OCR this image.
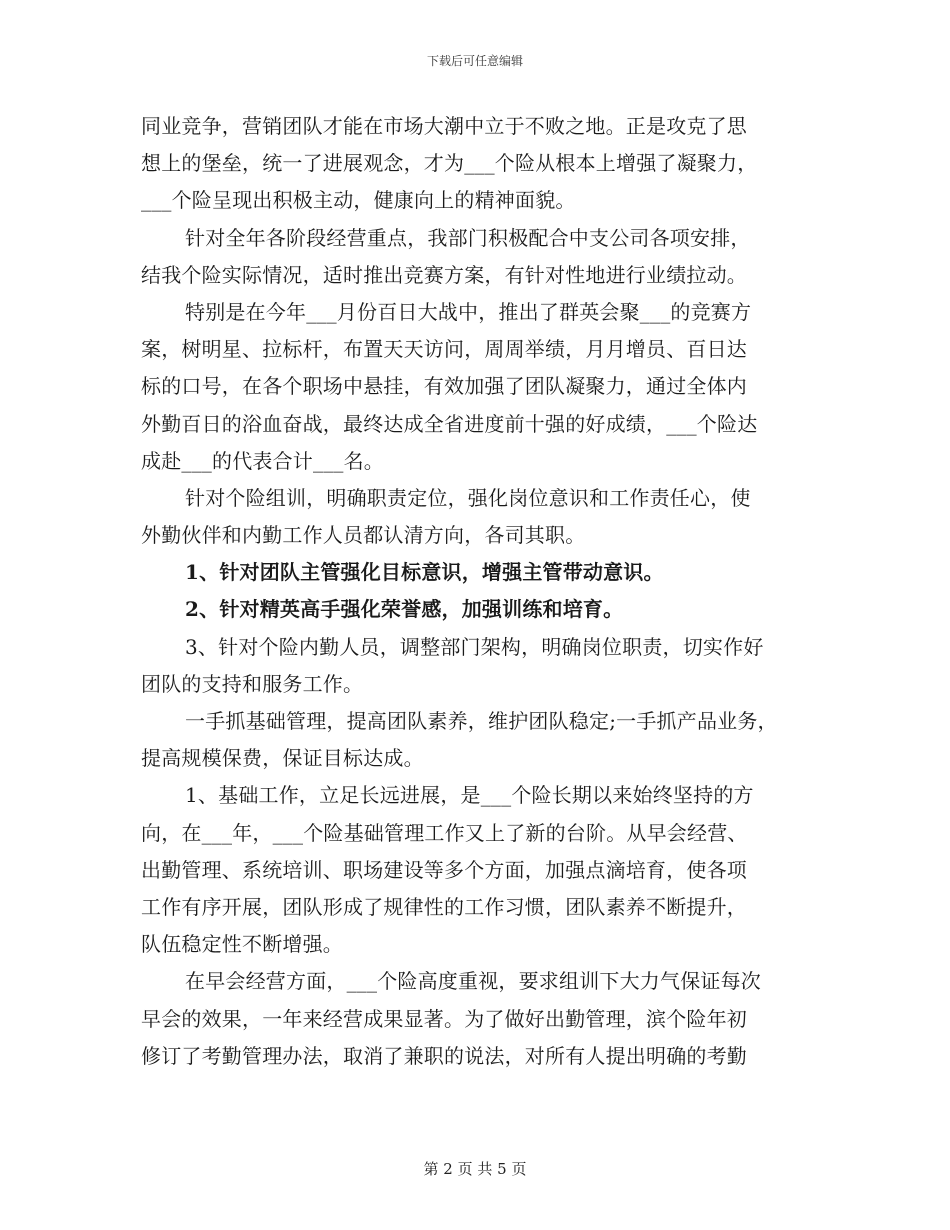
下载后可任意编辑
同业竞争，营销团队才能在市场大潮中立于不败之地。正是攻克了思
想上的堡垒，统一了进展观念，才为___个险从根本上增强了凝聚力，
___个险呈现出积极主动，健康向上的精神面貌。
针对全年各阶段经营重点，我部门积极配合中支公司各项安排，
结我个险实际情况，适时推出竞赛方案，有针对性地进行业绩拉动。
特别是在今年___月份百日大战中，推出了群英会聚___的竞赛方
案，树明星、拉标杆，布置天天访问，周周举绩，月月增员、百日达
标的口号，在各个职场中悬挂，有效加强了团队凝聚力，通过全体内
外勤百日的浴血奋战，最终达成全省进度前十强的好成绩，___个险达
成赴___的代表合计___名。
针对个险组训，明确职责定位，强化岗位意识和工作责任心，使
外勤伙伴和内勤工作人员都认清方向，各司其职。
1、针对团队主管强化目标意识，增强主管带动意识。
2、针对精英高手强化荣誉感，加强训练和培育。
3、针对个险内勤人员，调整部门架构，明确岗位职责，切实作好
团队的支持和服务工作。
一手抓基础管理，提高团队素养，维护团队稳定;一手抓产品业务，
提高规模保费，保证目标达成。
1、基础工作，立足长远进展，是___个险长期以来始终坚持的方
向，在___年，___个险基础管理工作又上了新的台阶。从早会经营、
出勤管理、系统培训、职场建设等多个方面，加强点滴培育，使各项
工作有序开展，团队形成了规律性的工作习惯，团队素养不断提升，
队伍稳定性不断增强。
在早会经营方面，___个险高度重视，要求组训下大力气保证每次
早会的效果，一年来经营成果显著。为了做好出勤管理，滨个险年初
修订了考勤管理办法，取消了兼职的说法，对所有人提出明确的考勤
第 2 页 共 5 页
